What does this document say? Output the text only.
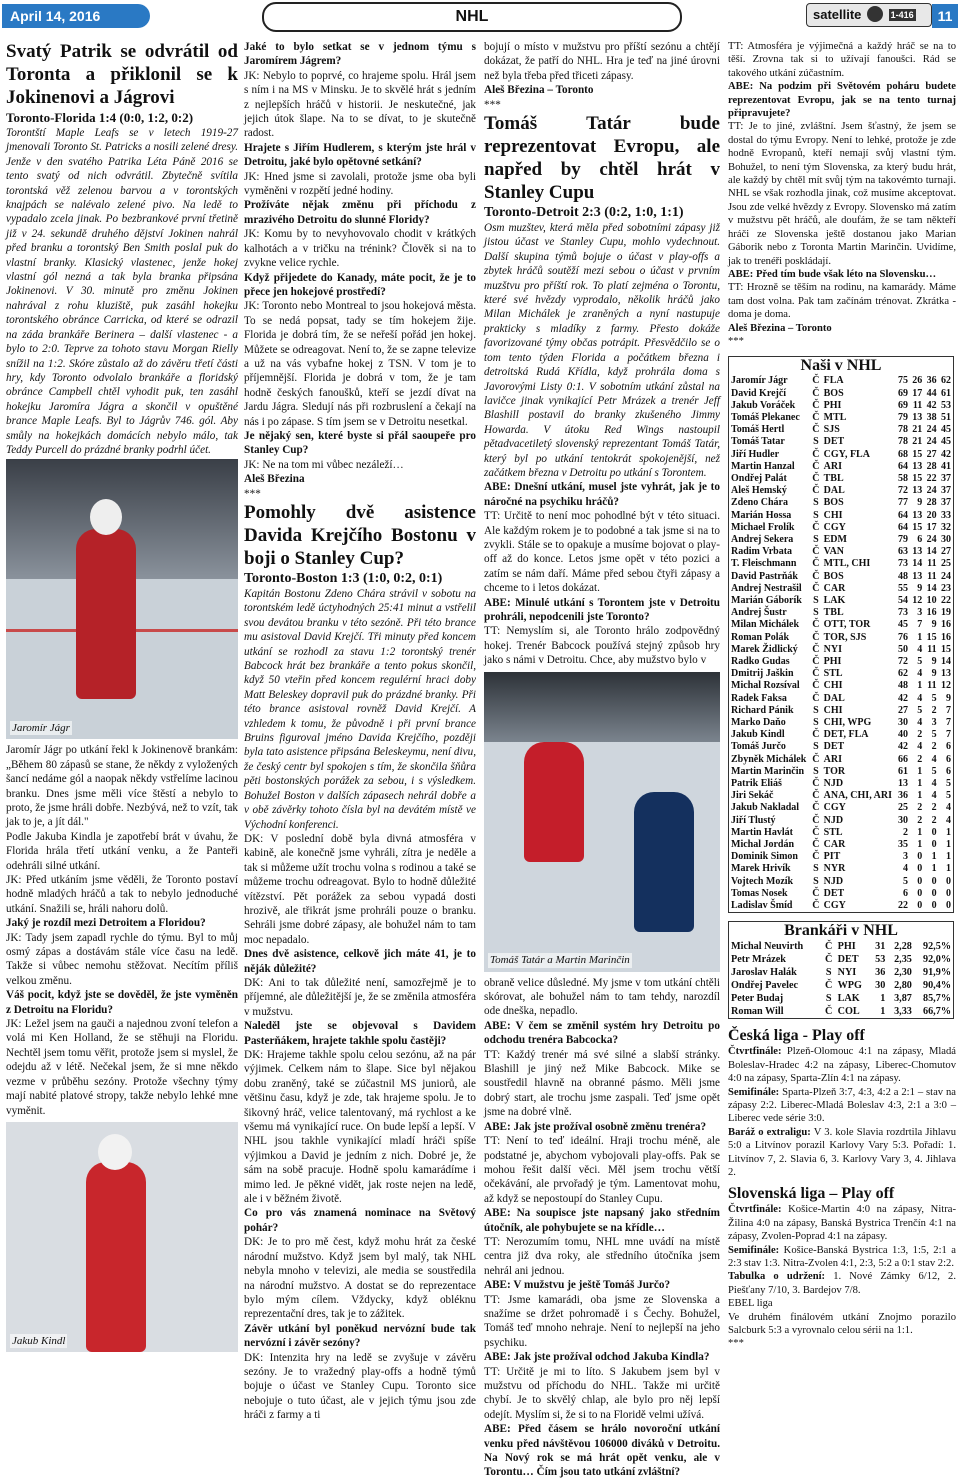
April 14, 2016	NHL	satellite	1-416	11

Svatý Patrik se odvrátil od Toronta a přiklonil se k Jokinenovi a Jágrovi

Toronto-Florida 1:4 (0:0, 1:2, 0:2)

Torontští Maple Leafs se v letech 1919-27 jmenovali Toronto St. Patricks a nosili zelené dresy. Jenže v den svatého Patrika Léta Páně 2016 se tento svatý od nich odvrátil. Zbytečně svítila torontská věž zelenou barvou a v torontských knajpách se nalévalo zelené pivo. Na ledě to vypadalo zcela jinak. Po bezbrankové první třetině již v 24. sekundě druhého dějství Jokinen nahrál před branku a torontský Ben Smith poslal puk do vlastní branky. Klasický vlastenec, jenže hokej vlastní gól nezná a tak byla branka připsána Jokinenovi. V 30. minutě pro změnu Jokinen nahrával z rohu kluziště, puk zasáhl hokejku torontského obránce Carricka, od které se odrazil na záda brankáře Berinera – další vlastenec - a bylo to 2:0. Teprve za tohoto stavu Morgan Rielly snížil na 1:2. Skóre zůstalo až do závěru třetí části hry, kdy Toronto odvolalo brankáře a floridský obránce Campbell chtěl vyhodit puk, ten zasáhl hokejku Jaromíra Jágra a skončil v opuštěné brance Maple Leafs. Byl to Jágrův 746. gól. Aby smůly na hokejkách domácích nebylo málo, tak Teddy Purcell do prázdné branky podrhl účet.

Jaromír Jágr

Jaromír Jágr po utkání řekl k Jokinenově brankám: „Během 80 zápasů se stane, že někdy z vyložených šancí nedáme gól a naopak někdy vstřelíme lacinou branku. Dnes jsme měli více štěstí a nebylo to proto, že jsme hráli dobře. Nezbývá, než to vzít, tak jak to je, a jít dál."

Podle Jakuba Kindla je zapotřebí brát v úvahu, že Florida hrála třetí utkání venku, a že Panteři odehráli silné utkání.

JK: Před utkáním jsme věděli, že Toronto postaví hodně mladých hráčů a tak to nebylo jednoduché utkání. Snažili se, hráli nahoru dolů.

Jaký je rozdíl mezi Detroitem a Floridou?

JK: Tady jsem zapadl rychle do týmu. Byl to můj osmý zápas a dostávám stále více času na ledě. Takže si vůbec nemohu stěžovat. Necítím příliš velkou změnu.

Váš pocit, když jste se dověděl, že jste vyměněn z Detroitu na Floridu?

JK: Ležel jsem na gauči a najednou zvoní telefon a volá mi Ken Holland, že se stěhuji na Floridu. Nechtěl jsem tomu věřit, protože jsem si myslel, že odejdu až v létě. Nečekal jsem, že si mne někdo vezme v průběhu sezóny. Protože všechny týmy mají nabité platové stropy, takže nebylo lehké mne vyměnit.

Jakub Kindl

Jaké to bylo setkat se v jednom týmu s Jaromírem Jágrem?

JK: Nebylo to poprvé, co hrajeme spolu. Hrál jsem s ním i na MS v Minsku. Je to skvělé hrát s jedním z nejlepších hráčů v historii. Je neskutečné, jak jejich útok šlape. Na to se dívat, to je skutečně radost.

Hrajete s Jiřím Hudlerem, s kterým jste hrál v Detroitu, jaké bylo opětovné setkání?

JK: Hned jsme si zavolali, protože jsme oba byli vyměněni v rozpětí jedné hodiny.

Prožíváte nějak změnu při příchodu z mrazivého Detroitu do slunné Floridy?

JK: Komu by to nevyhovovalo chodit v krátkých kalhotách a v tričku na trénink? Člověk si na to zvykne velice rychle.

Když přijedete do Kanady, máte pocit, že je to přece jen hokejové prostředí?

JK: Toronto nebo Montreal to jsou hokejová města. To se nedá popsat, tady se tím hokejem žije. Florida je dobrá tím, že se neřeší pořád jen hokej. Můžete se odreagovat. Není to, že se zapne televize a už na vás vybafne hokej z TSN. V tom je to příjemnější. Florida je dobrá v tom, že je tam hodně českých fanoušků, kteří se jezdí dívat na Jardu Jágra. Sledují nás při rozbruslení a čekají na nás i po zápase. S tím jsem se v Detroitu nesetkal.

Je nějaký sen, které byste si přál saoupeře pro Stanley Cup?

JK: Ne na tom mi vůbec nezáleží…

Aleš Březina

***

Pomohly dvě asistence Davida Krejčího Bostonu v boji o Stanley Cup?

Toronto-Boston 1:3 (1:0, 0:2, 0:1)

Kapitán Bostonu Zdeno Chára strávil v sobotu na torontském ledě úctyhodných 25:41 minut a vstřelil svou devátou branku v této sezóně. Při této brance mu asistoval David Krejčí. Tři minuty před koncem utkání se rozhodl za stavu 1:2 torontský trenér Babcock hrát bez brankáře a tento pokus skončil, když 50 vteřin před koncem regulérní hraci doby Matt Beleskey dopravil puk do prázdné branky. Při této brance asistoval rovněž David Krejčí. A vzhledem k tomu, že původně i při první brance Bruins figuroval jméno Davida Krejčího, později byla tato asistence připsána Beleskeymu, není divu, že český centr byl spokojen s tím, že skončila šňůra pěti bostonských porážek za sebou, i s výsledkem. Bohužel Boston v dalších zápasech nehrál dobře a v obě závěrky tohoto čísla byl na devátém místě ve Východní konferenci.

DK: V poslední době byla divná atmosféra v kabině, ale konečně jsme vyhráli, zítra je neděle a tak si můžeme užít trochu volna s rodinou a také se můžeme trochu odreagovat. Bylo to hodně důležité vítězství. Pět porážek za sebou vypadá dosti hrozivě, ale třikrát jsme prohráli pouze o branku. Sehráli jsme dobré zápasy, ale bohužel nám to tam moc nepadalo.

Dnes dvě asistence, celkově jich máte 41, je to něják důležité?

DK: Ani to tak důležité není, samozřejmě je to příjemné, ale důležitější je, že se změnila atmosféra v mužstvu.

Naleděl jste se objevoval s Davidem Pasterňákem, hrajete takhle spolu častěji?

DK: Hrajeme takhle spolu celou sezónu, až na pár výjimek. Celkem nám to šlape. Sice byl nějakou dobu zraněný, také se zúčastnil MS juniorů, ale většinu času, když je zde, tak hrajeme spolu. Je to šikovný hráč, velice talentovaný, má rychlost a ke všemu má vynikající ruce. On bude lepší a lepší. V NHL jsou takhle vynikající mladí hráči spíše výjimkou a David je jedním z nich. Dobré je, že sám na sobě pracuje. Hodně spolu kamarádíme i mimo led. Je pěkné vidět, jak roste nejen na ledě, ale i v běžném životě.

Co pro vás znamená nominace na Světový pohár?

DK: Je to pro mě čest, když mohu hrát za české národní mužstvo. Když jsem byl malý, tak NHL nebyla mnoho v televizi, ale mediа se soustředila na národní mužstvo. A dostat se do reprezentace bylo mým cílem. Vždycky, když obléknu reprezentační dres, tak je to zážitek.

Závěr utkání byl poněkud nervózní bude tak nervózní i závěr sezóny?

DK: Intenzita hry na ledě se zvyšuje v závěru sezóny. Je to vražedný play-offs a hodně týmů bojuje o účast ve Stanley Cupu. Toronto sice nebojuje o tuto účast, ale v jejich týmu jsou zde hráči z farmy a ti

bojují o místo v mužstvu pro příští sezónu a chtějí dokázat, že patří do NHL. Hra je teď na jiné úrovni než byla třeba před třiceti zápasy.

Aleš Březina – Toronto

***

Tomáš Tatár bude reprezentovat Evropu, ale napřed by chtěl hrát v Stanley Cupu

Toronto-Detroit 2:3 (0:2, 1:0, 1:1)

Osm muzštev, která měla před sobotními zápasy již jistou účast ve Stanley Cupu, mohlo vydechnout. Další skupina týmů bojuje o účast v play-offs a zbytek hráčů soutěží mezi sebou o účast v prvním muzštvu pro příští rok. To platí zejména o Torontu, které své hvězdy vyprodalo, několik hráčů jako Milan Michálek je zraněných a nyní nastupuje prakticky s mladíky z farmy. Přesto dokáže favorizované týmy občas potrápit. Přesvědčilo se o tom tento týden Florida a počátkem března i detroitská Rudá Křídla, když prohrála doma s Javorovými Listy 0:1. V sobotním utkání zůstal na lavičce jinak vynikající Petr Mrázek a trenér Jeff Blashill postavil do branky zkušeného Jimmy Howarda. V útoku Red Wings nastoupil pětadvacetiletý slovenský reprezentant Tomáš Tatár, který byl po utkání tentokrát spokojenější, než začátkem března v Detroitu po utkání s Torontem.

ABE: Dnešní utkání, musel jste vyhrát, jak je to náročné na psychiku hráčů?

TT: Určitě to není moc pohodlné být v této situaci. Ale každým rokem je to podobné a tak jsme si na to zvykli. Stále se to opakuje a musíme bojovat o play-off až do konce. Letos jsme opět v této pozici a zatím se nám daří. Máme před sebou čtyři zápasy a chceme to i letos dokázat.

ABE: Minulé utkání s Torontem jste v Detroitu prohráli, nepodcenili jste Toronto?

TT: Nemyslím si, ale Toronto hrálo zodpovědný hokej. Trenér Babcock používá stejný způsob hry jako s námi v Detroitu. Chce, aby mužstvo bylo v

Tomáš Tatár a Martin Marinčin

obraně velice důsledné. My jsme v tom utkání chtěli skórovat, ale bohužel nám to tam tehdy, narozdíl ode dneška, nepadlo.

ABE: V čem se změnil systém hry Detroitu po odchodu trenéra Babcocka?

TT: Každý trenér má své silné a slabší stránky. Blashill je jiný než Mike Babcock. Mike se soustředil hlavně na obranné pásmo. Měli jsme dobrý start, ale trochu jsme zaspali. Teď jsme opět jsme na dobré vlně.

ABE: Jak jste prožíval osobně změnu trenéra?

TT: Není to teď ideální. Hraji trochu méně, ale podstatné je, abychom vybojovali play-offs. Pak se mohou řešit další věci. Měl jsem trochu větší očekávání, ale prvořadý je tým. Lamentovat mohu, až když se nepostoupí do Stanley Cupu.

ABE: Na soupisce jste napsaný jako středním útočník, ale pohybujete se na křídle…

TT: Nerozumím tomu, NHL mne uvádí na místě centra již dva roky, ale středního útočníka jsem nehrál ani jednou.

ABE: V mužstvu je ještě Tomáš Jurčo?

TT: Jsme kamarádi, oba jsme ze Slovenska a snažíme se držet pohromadě i s Čechy. Bohužel, Tomáš teď mnoho nehraje. Není to nejlepší na jeho psychiku.

ABE: Jak jste prožíval odchod Jakuba Kindla?

TT: Určitě je mi to líto. S Jakubem jsem byl v mužstvu od příchodu do NHL. Takže mi určitě chybí. Je to skvělý chlap, ale bylo pro něj lepší odejít. Myslím si, že si to na Floridě velmi užívá.

ABE: Před čásem se hrálo novoroční utkání venku před návštěvou 106000 diváků v Detroitu. Na Nový rok se má hrát opět venku, ale v Torontu… Čím jsou tato utkání zvláštní?

TT: Atmosféra je výjimečná a každý hráč se na to těší. Zrovna tak si to užívají fanoušci. Rád se takového utkání zúčastním.

ABE: Na podzim při Světovém poháru budete reprezentovat Evropu, jak se na tento turnaj připravujete?

TT: Je to jiné, zvláštní. Jsem šťastný, že jsem se dostal do týmu Evropy. Není to lehké, protože je zde hodně Evropanů, kteří nemají svůj vlastní tým. Bohužel, to není tým Slovenska, za který budu hrát, ale každý by chtěl mít svůj tým na takovémto turnaji. NHL se však rozhodla jinak, což musíme akceptovat. Jsou zde velké hvězdy z Evropy. Slovensko má zatím v mužstvu pět hráčů, ale doufám, že se tam někteří hráči ze Slovenska ještě dostanou jako Marian Gáborik nebo z Toronta Martin Marinčin. Uvidíme, jak to trenéři poskládají.

ABE: Před tím bude však léto na Slovensku…

TT: Hrozně se těším na rodinu, na kamarády. Máme tam dost volna. Pak tam začínám trénovat. Zkrátka - doma je doma.

Aleš Březina – Toronto

***

Naši v NHL						
Jaromír Jágr	Č	FLA	75	26	36	62
David Krejčí	Č	BOS	69	17	44	61
Jakub Voráček	Č	PHI	69	11	42	53
Tomáš Plekanec	Č	MTL	79	13	38	51
Tomáš Hertl	Č	SJS	78	21	24	45
Tomáš Tatar	S	DET	78	21	24	45
Jiří Hudler	Č	CGY, FLA	68	15	27	42
Martin Hanzal	Č	ARI	64	13	28	41
Ondřej Palát	Č	TBL	58	15	22	37
Aleš Hemský	Č	DAL	72	13	24	37
Zdeno Chára	S	BOS	77	9	28	37
Marián Hossa	S	CHI	64	13	20	33
Michael Frolík	Č	CGY	64	15	17	32
Andrej Sekera	S	EDM	79	6	24	30
Radim Vrbata	Č	VAN	63	13	14	27
T. Fleischmann	Č	MTL, CHI	73	14	11	25
David Pastrňák	Č	BOS	48	13	11	24
Andrej Nestrašil	Č	CAR	55	9	14	23
Marián Gáborík	S	LAK	54	12	10	22
Andrej Šustr	S	TBL	73	3	16	19
Milan Michálek	Č	OTT, TOR	45	7	9	16
Roman Polák	Č	TOR, SJS	76	1	15	16
Marek Židlický	Č	NYI	50	4	11	15
Radko Gudas	Č	PHI	72	5	9	14
Dmitrij Jaškin	Č	STL	62	4	9	13
Michal Rozsíval	Č	CHI	48	1	11	12
Radek Faksa	Č	DAL	42	4	5	9
Richard Pánik	S	CHI	27	5	2	7
Marko Daňo	S	CHI, WPG	30	4	3	7
Jakub Kindl	Č	DET, FLA	40	2	5	7
Tomáš Jurčo	S	DET	42	4	2	6
Zbyněk Michálek	Č	ARI	66	2	4	6
Martin Marinčin	S	TOR	61	1	5	6
Patrik Eliáš	Č	NJD	13	1	4	5
Jiri Sekáč	Č	ANA, CHI, ARI	36	1	4	5
Jakub Nakladal	Č	CGY	25	2	2	4
Jiří Tlustý	Č	NJD	30	2	2	4
Martin Havlát	Č	STL	2	1	0	1
Michal Jordán	Č	CAR	35	1	0	1
Dominik Simon	Č	PIT	3	0	1	1
Marek Hrivík	S	NYR	4	0	1	1
Vojtech Mozík	S	NJD	5	0	0	0
Tomas Nosek	Č	DET	6	0	0	0
Ladislav Šmíd	Č	CGY	22	0	0	0
Brankáři v NHL					
Michal Neuvirth	Č	PHI	31	2,28	92,5%
Petr Mrázek	Č	DET	53	2,35	92,0%
Jaroslav Halák	S	NYI	36	2,30	91,9%
Ondřej Pavelec	Č	WPG	30	2,80	90,4%
Peter Budaj	S	LAK	1	3,87	85,7%
Roman Will	Č	COL	1	3,33	66,7%

Česká liga - Play off

Čtvrtfinále: Plzeň-Olomouc 4:1 na zápasy, Mladá Boleslav-Hradec 4:2 na zápasy, Liberec-Chomutov 4:0 na zápasy, Sparta-Zlín 4:1 na zápasy.

Semifinále: Sparta-Plzeň 3:7, 4:3, 4:2 a 2:1 – stav na zápasy 2:2. Liberec-Mladá Boleslav 4:3, 2:1 a 3:0 – Liberec vede série 3:0.

Baráž o extraligu: V 3. kole Slavia rozdrtila Jihlavu 5:0 a Litvínov porazil Karlovy Vary 5:3. Pořadí: 1. Litvínov 7, 2. Slavia 6, 3. Karlovy Vary 3, 4. Jihlava 2.

Slovenská liga – Play off

Čtvrtfinále: Košice-Martin 4:0 na zápasy, Nitra-Žilina 4:0 na zápasy, Banská Bystrica Trenčín 4:1 na zápasy, Zvolen-Poprad 4:1 na zápasy.

Semifinále: Košice-Banská Bystrica 1:3, 1:5, 2:1 a 2:3 stav 1:3. Nitra-Zvolen 4:1, 2:3, 5:2 a 0:1 stav 2:2.

Tabulka o udržení: 1. Nové Zámky 6/12, 2. Piešťany 7/10, 3. Bardejov 7/8.

EBEL liga

Ve druhém finálovém utkání Znojmo porazilo Salcburk 5:3 a vyrovnalo celou sérii na 1:1.

***
